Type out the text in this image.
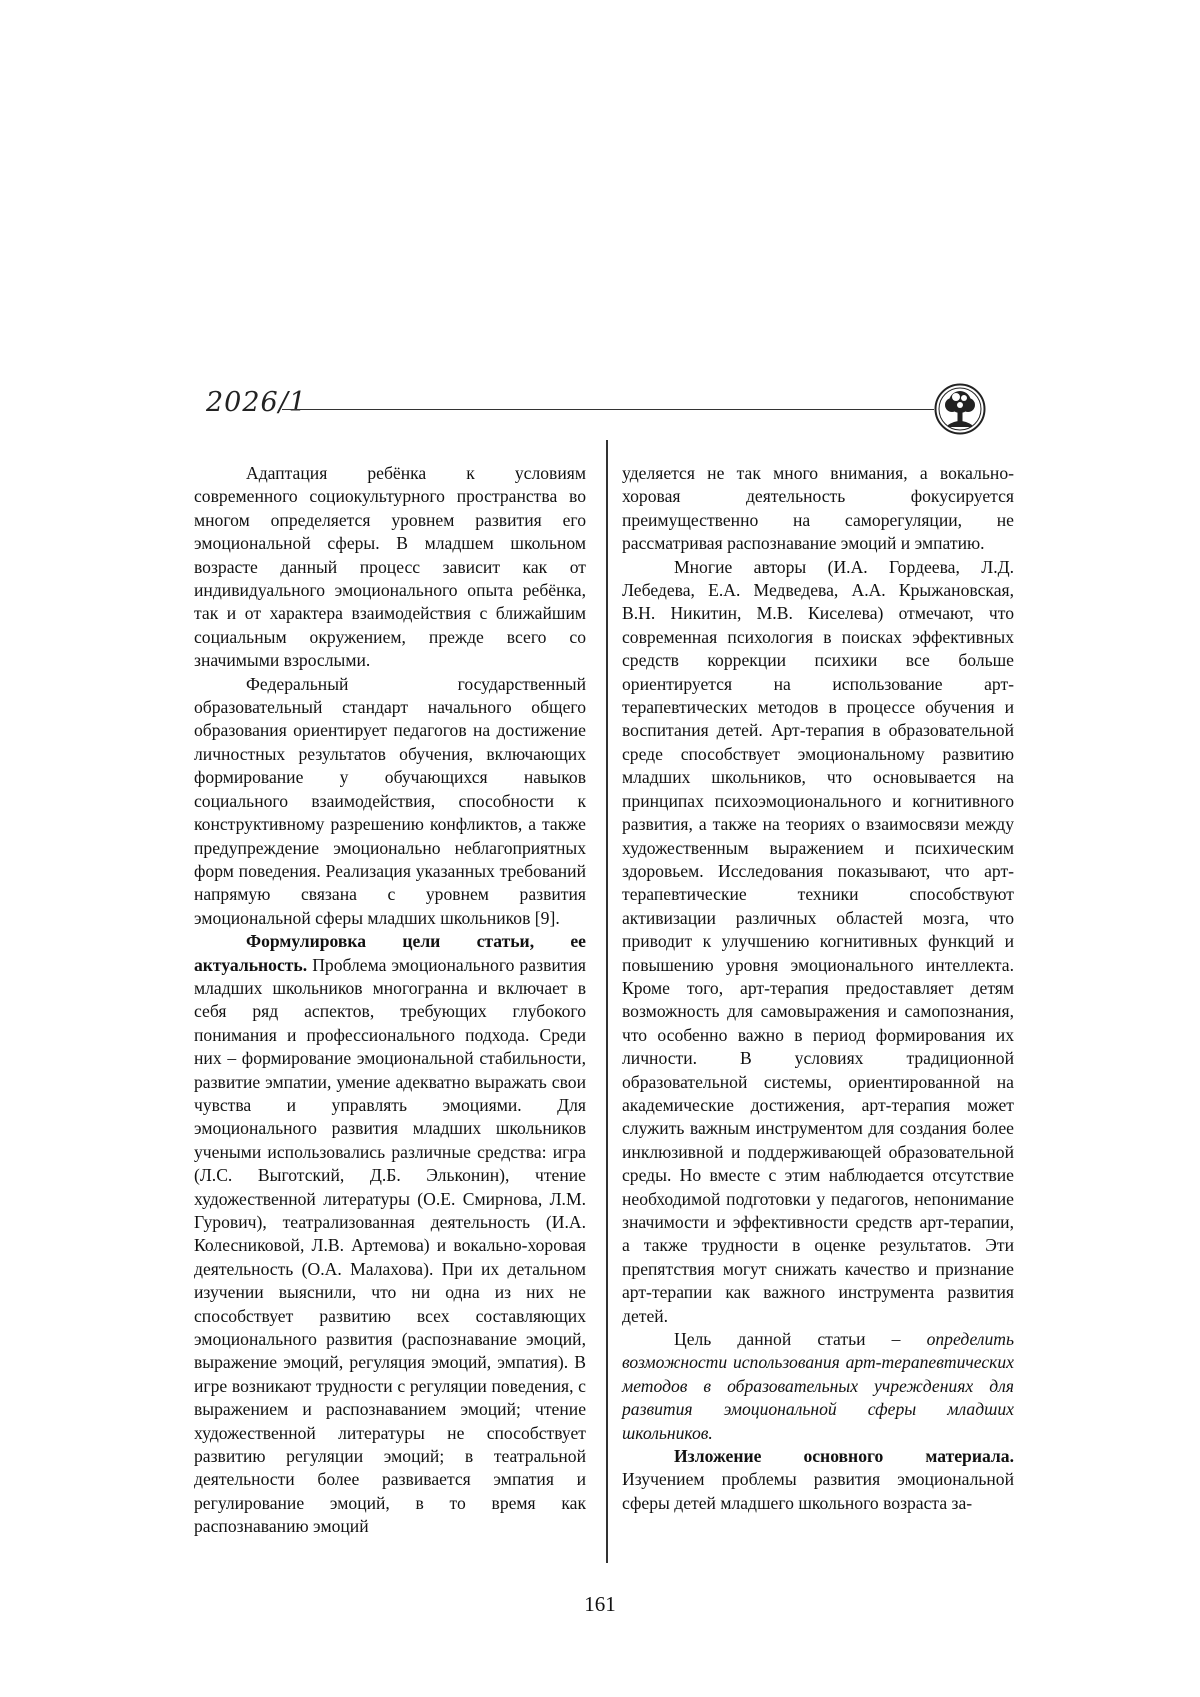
2026/1

Адаптация ребёнка к условиям современного социокультурного пространства во многом определяется уровнем развития его эмоциональной сферы. В младшем школьном возрасте данный процесс зависит как от индивидуального эмоционального опыта ребёнка, так и от характера взаимодействия с ближайшим социальным окружением, прежде всего со значимыми взрослыми.

Федеральный государственный образовательный стандарт начального общего образования ориентирует педагогов на достижение личностных результатов обучения, включающих формирование у обучающихся навыков социального взаимодействия, способности к конструктивному разрешению конфликтов, а также предупреждение эмоционально неблагоприятных форм поведения. Реализация указанных требований напрямую связана с уровнем развития эмоциональной сферы младших школьников [9].

Формулировка цели статьи, ее актуальность. Проблема эмоционального развития младших школьников многогранна и включает в себя ряд аспектов, требующих глубокого понимания и профессионального подхода. Среди них – формирование эмоциональной стабильности, развитие эмпатии, умение адекватно выражать свои чувства и управлять эмоциями. Для эмоционального развития младших школьников учеными использовались различные средства: игра (Л.С. Выготский, Д.Б. Эльконин), чтение художественной литературы (О.Е. Смирнова, Л.М. Гурович), театрализованная деятельность (И.А. Колесниковой, Л.В. Артемова) и вокально-хоровая деятельность (О.А. Малахова). При их детальном изучении выяснили, что ни одна из них не способствует развитию всех составляющих эмоционального развития (распознавание эмоций, выражение эмоций, регуляция эмоций, эмпатия). В игре возникают трудности с регуляции поведения, с выражением и распознаванием эмоций; чтение художественной литературы не способствует развитию регуляции эмоций; в театральной деятельности более развивается эмпатия и регулирование эмоций, в то время как распознаванию эмоций

уделяется не так много внимания, а вокально-хоровая деятельность фокусируется преимущественно на саморегуляции, не рассматривая распознавание эмоций и эмпатию.

Многие авторы (И.А. Гордеева, Л.Д. Лебедева, Е.А. Медведева, А.А. Крыжановская, В.Н. Никитин, М.В. Киселева) отмечают, что современная психология в поисках эффективных средств коррекции психики все больше ориентируется на использование арт-терапевтических методов в процессе обучения и воспитания детей. Арт-терапия в образовательной среде способствует эмоциональному развитию младших школьников, что основывается на принципах психоэмоционального и когнитивного развития, а также на теориях о взаимосвязи между художественным выражением и психическим здоровьем. Исследования показывают, что арт-терапевтические техники способствуют активизации различных областей мозга, что приводит к улучшению когнитивных функций и повышению уровня эмоционального интеллекта. Кроме того, арт-терапия предоставляет детям возможность для самовыражения и самопознания, что особенно важно в период формирования их личности. В условиях традиционной образовательной системы, ориентированной на академические достижения, арт-терапия может служить важным инструментом для создания более инклюзивной и поддерживающей образовательной среды. Но вместе с этим наблюдается отсутствие необходимой подготовки у педагогов, непонимание значимости и эффективности средств арт-терапии, а также трудности в оценке результатов. Эти препятствия могут снижать качество и признание арт-терапии как важного инструмента развития детей.

Цель данной статьи – определить возможности использования арт-терапевтических методов в образовательных учреждениях для развития эмоциональной сферы младших школьников.

Изложение основного материала. Изучением проблемы развития эмоциональной сферы детей младшего школьного возраста за-

161
